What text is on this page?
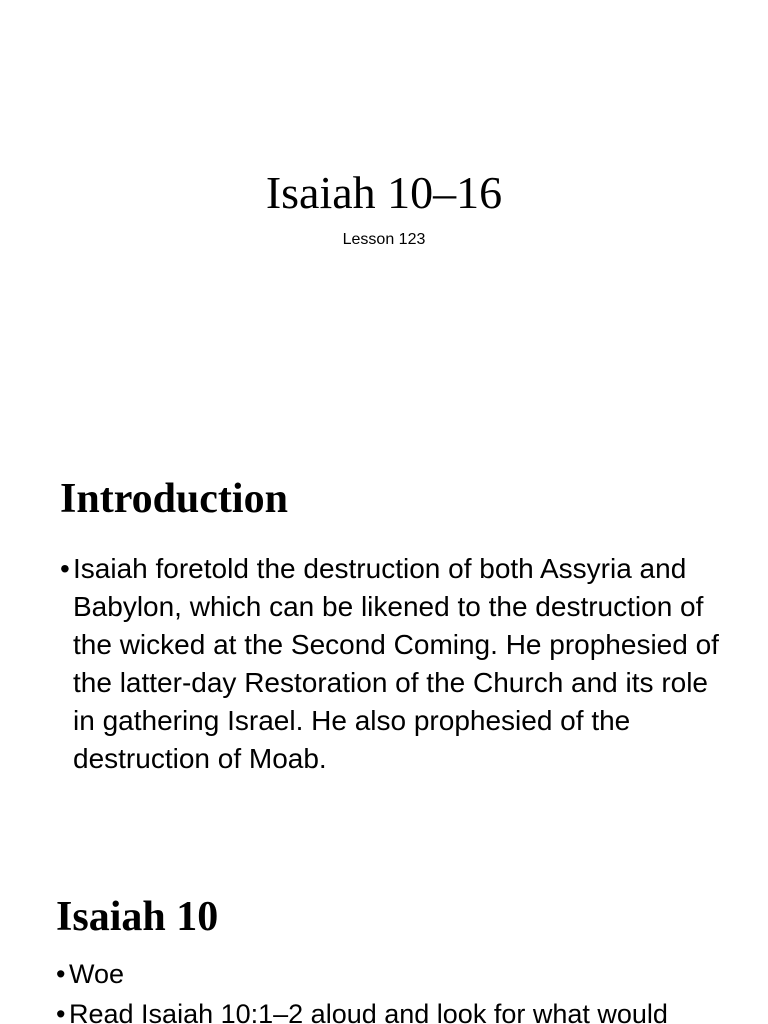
Isaiah 10–16

Lesson 123

Introduction
• Isaiah foretold the destruction of both Assyria and Babylon, which can be likened to the destruction of the wicked at the Second Coming. He prophesied of the latter-day Restoration of the Church and its role in gathering Israel. He also prophesied of the destruction of Moab.
Isaiah 10
• Woe
• Read Isaiah 10:1–2 aloud and look for what would
